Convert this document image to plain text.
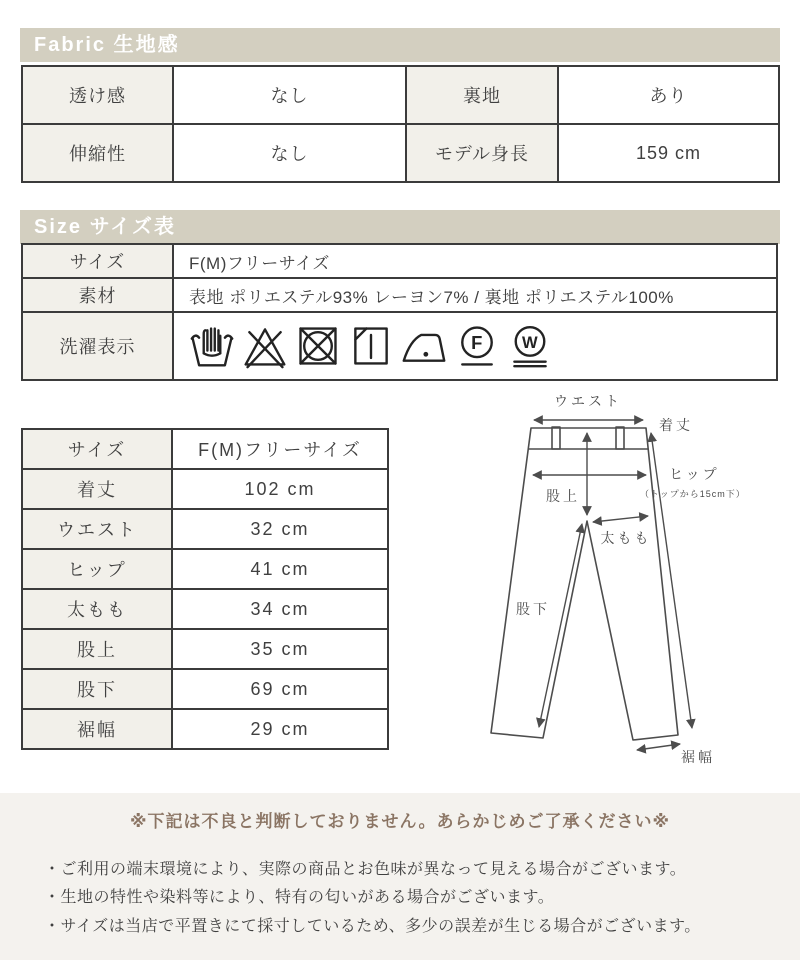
Fabric 生地感
透け感	なし	裏地	あり
伸縮性	なし	モデル身長	159 cm
Size サイズ表
サイズ	F(M)フリーサイズ
素材	表地 ポリエステル93% レーヨン7% / 裏地 ポリエステル100%
洗濯表示	F W
サイズ	F(M)フリーサイズ
着丈	102 cm
ウエスト	32 cm
ヒップ	41 cm
太もも	34 cm
股上	35 cm
股下	69 cm
裾幅	29 cm
ウエスト
着丈
ヒップ
（トップから15cm下）
股上
太もも
股下
裾幅
※下記は不良と判断しておりません。あらかじめご了承ください※
・ご利用の端末環境により、実際の商品とお色味が異なって見える場合がございます。
・生地の特性や染料等により、特有の匂いがある場合がございます。
・サイズは当店で平置きにて採寸しているため、多少の誤差が生じる場合がございます。
